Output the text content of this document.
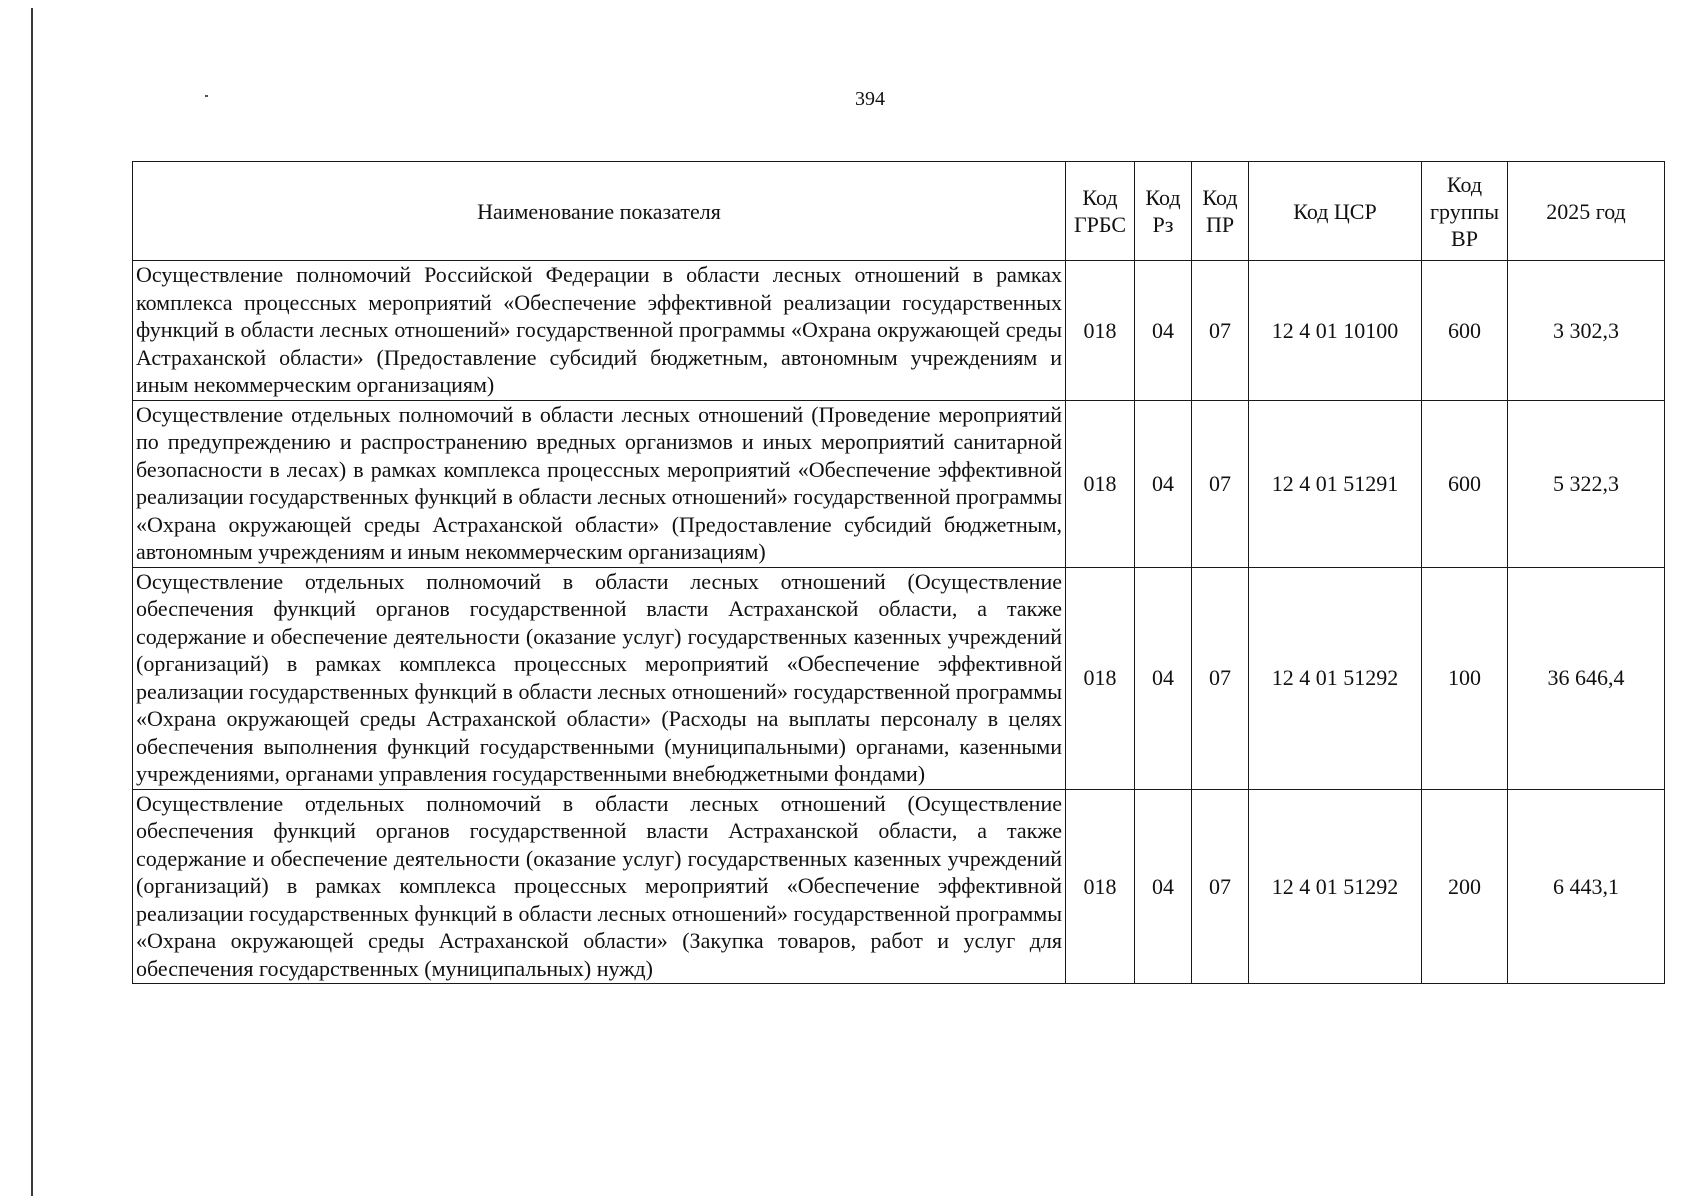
394
Наименование показателя	Код ГРБС	Код Рз	Код ПР	Код ЦСР	Код группы ВР	2025 год
Осуществление полномочий Российской Федерации в области лесных отношений в рамках комплекса процессных мероприятий «Обеспечение эффективной реализации государственных функций в области лесных отношений» государственной программы «Охрана окружающей среды Астраханской области» (Предоставление субсидий бюджетным, автономным учреждениям и иным некоммерческим организациям)	018	04	07	12 4 01 10100	600	3 302,3
Осуществление отдельных полномочий в области лесных отношений (Проведение мероприятий по предупреждению и распространению вредных организмов и иных мероприятий санитарной безопасности в лесах) в рамках комплекса процессных мероприятий «Обеспечение эффективной реализации государственных функций в области лесных отношений» государственной программы «Охрана окружающей среды Астраханской области» (Предоставление субсидий бюджетным, автономным учреждениям и иным некоммерческим организациям)	018	04	07	12 4 01 51291	600	5 322,3
Осуществление отдельных полномочий в области лесных отношений (Осуществление обеспечения функций органов государственной власти Астраханской области, а также содержание и обеспечение деятельности (оказание услуг) государственных казенных учреждений (организаций) в рамках комплекса процессных мероприятий «Обеспечение эффективной реализации государственных функций в области лесных отношений» государственной программы «Охрана окружающей среды Астраханской области» (Расходы на выплаты персоналу в целях обеспечения выполнения функций государственными (муниципальными) органами, казенными учреждениями, органами управления государственными внебюджетными фондами)	018	04	07	12 4 01 51292	100	36 646,4
Осуществление отдельных полномочий в области лесных отношений (Осуществление обеспечения функций органов государственной власти Астраханской области, а также содержание и обеспечение деятельности (оказание услуг) государственных казенных учреждений (организаций) в рамках комплекса процессных мероприятий «Обеспечение эффективной реализации государственных функций в области лесных отношений» государственной программы «Охрана окружающей среды Астраханской области» (Закупка товаров, работ и услуг для обеспечения государственных (муниципальных) нужд)	018	04	07	12 4 01 51292	200	6 443,1
